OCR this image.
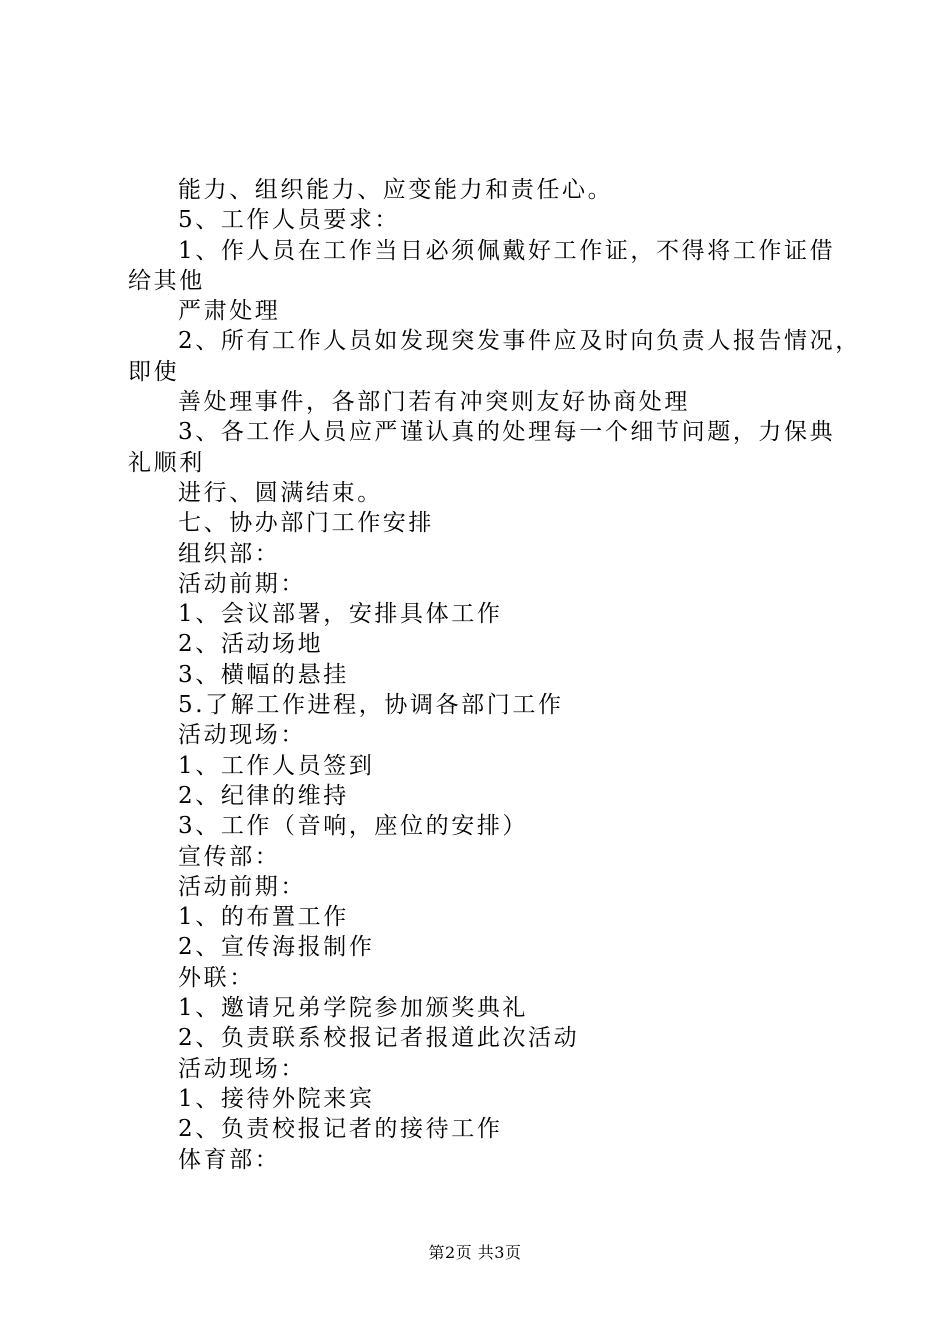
能力、组织能力、应变能力和责任心。
5、工作人员要求：
1、作人员在工作当日必须佩戴好工作证，不得将工作证借
给其他
严肃处理
2、所有工作人员如发现突发事件应及时向负责人报告情况，
即使
善处理事件，各部门若有冲突则友好协商处理
3、各工作人员应严谨认真的处理每一个细节问题，力保典
礼顺利
进行、圆满结束。
七、协办部门工作安排
组织部：
活动前期：
1、会议部署，安排具体工作
2、活动场地
3、横幅的悬挂
5.了解工作进程，协调各部门工作
活动现场：
1、工作人员签到
2、纪律的维持
3、工作（音响，座位的安排）
宣传部：
活动前期：
1、的布置工作
2、宣传海报制作
外联：
1、邀请兄弟学院参加颁奖典礼
2、负责联系校报记者报道此次活动
活动现场：
1、接待外院来宾
2、负责校报记者的接待工作
体育部：
第2页 共3页
